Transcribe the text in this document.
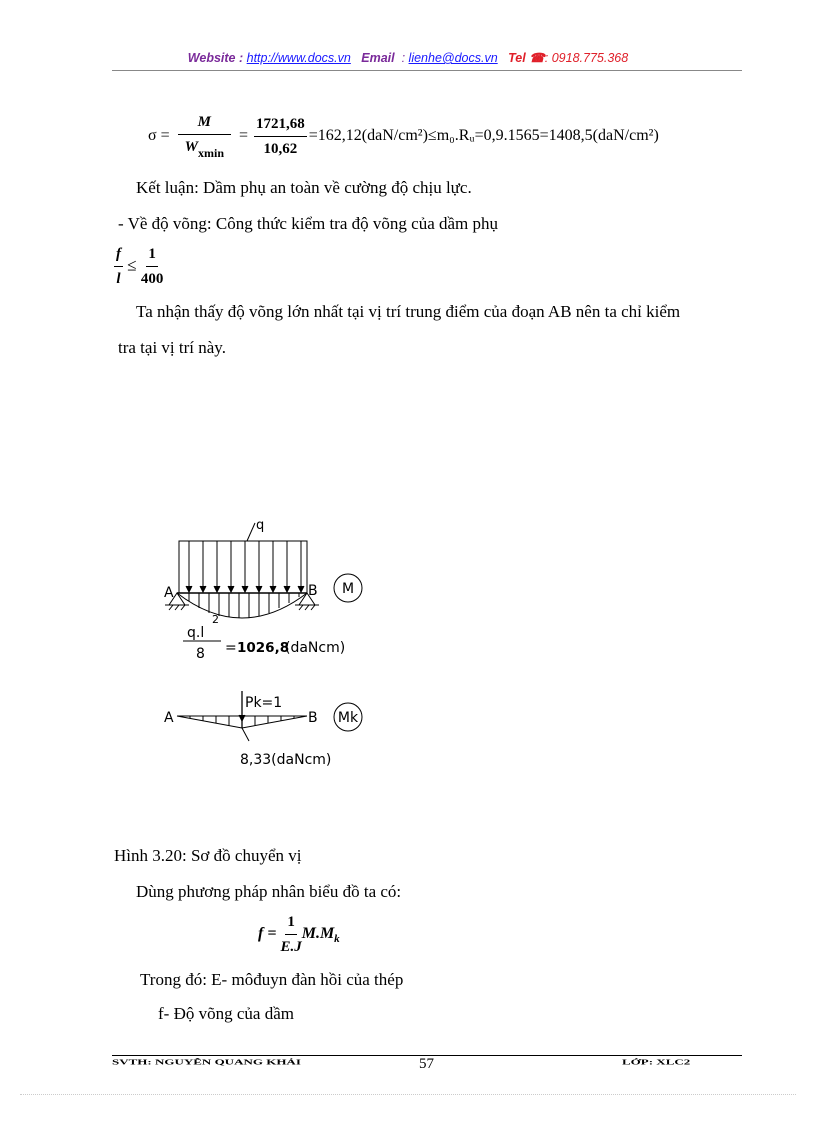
Website : http://www.docs.vn Email : lienhe@docs.vn Tel ☎: 0918.775.368
$\sigma = \frac{M}{W_{xmin}} = \frac{1721,68}{10,62}$ =162,12(daN/cm²)≤m₀.Rᵤ=0,9.1565=1408,5(daN/cm²)
Kết luận: Dầm phụ an toàn về cường độ chịu lực.
- Về độ võng: Công thức kiểm tra độ võng của dầm phụ
$\frac{f}{l} \le \frac{1}{400}$
Ta nhận thấy độ võng lớn nhất tại vị trí trung điểm của đoạn AB nên ta chỉ kiểm
tra tại vị trí này.
q
A	B M
q.l
2
8 = 1026,8
(daNcm)
A	B
Pk=1
Mk
8,33(daNcm)
Hình 3.20: Sơ đồ chuyển vị
Dùng phương pháp nhân biểu đồ ta có:
$f = \frac{1}{E.J} M.M_k$
Trong đó: E- môđuyn đàn hồi của thép
f- Độ võng của dầm
SVTH: NGUYỄN QUANG KHẢI	57	LỚP: XLC2
